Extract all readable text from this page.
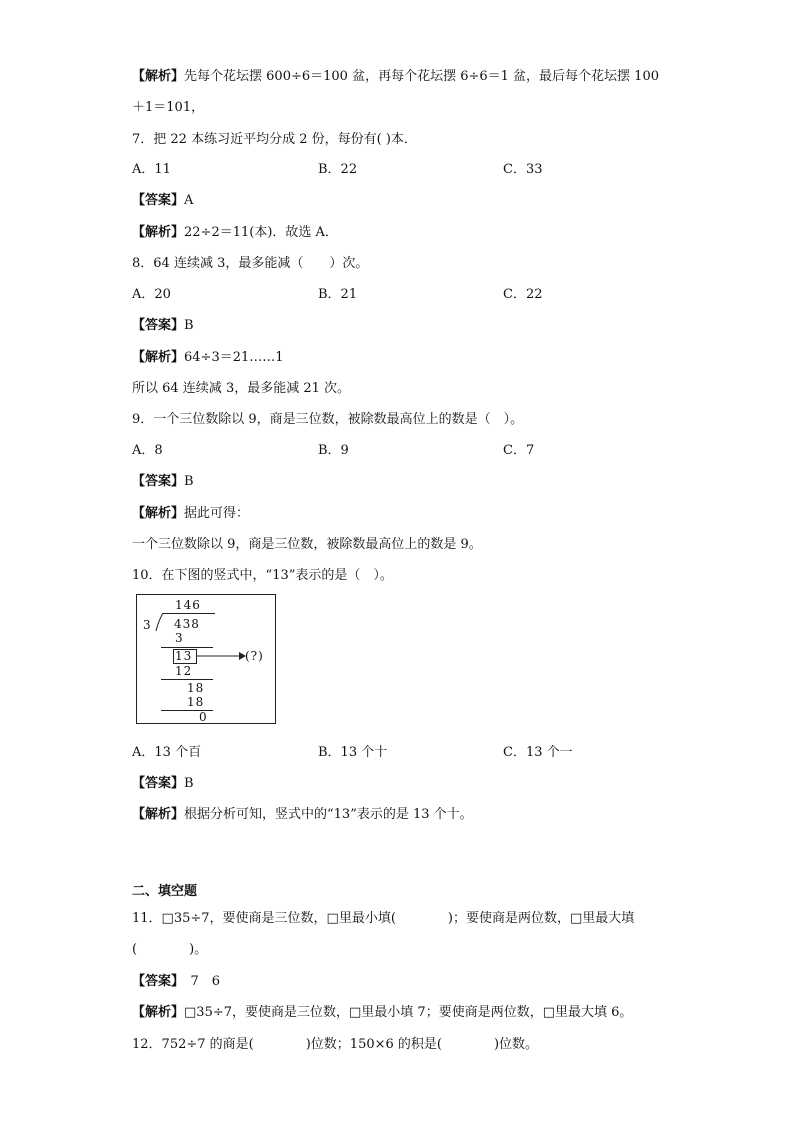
【解析】先每个花坛摆 600÷6＝100 盆，再每个花坛摆 6÷6＝1 盆，最后每个花坛摆 100
＋1＝101，
7．把 22 本练习近平均分成 2 份，每份有( )本．
A．11	B．22	C．33
【答案】A
【解析】22÷2＝11(本)．故选 A．
8．64 连续减 3，最多能减（　　）次。
A．20	B．21	C．22
【答案】B
【解析】64÷3＝21……1
所以 64 连续减 3，最多能减 21 次。
9．一个三位数除以 9，商是三位数，被除数最高位上的数是（　）。
A．8	B．9	C．7
【答案】B
【解析】据此可得：
一个三位数除以 9，商是三位数，被除数最高位上的数是 9。
10．在下图的竖式中，“13”表示的是（　）。
146
3 438
3
13	(?)
12
18
18
0
A．13 个百	B．13 个十	C．13 个一
【答案】B
【解析】根据分析可知，竖式中的“13”表示的是 13 个十。
二、填空题
11．□35÷7，要使商是三位数，□里最小填(　　　　)；要使商是两位数，□里最大填
(　　　　)。
【答案】　7　6
【解析】□35÷7，要使商是三位数，□里最小填 7；要使商是两位数，□里最大填 6。
12．752÷7 的商是(　　　　)位数；150×6 的积是(　　　　)位数。
